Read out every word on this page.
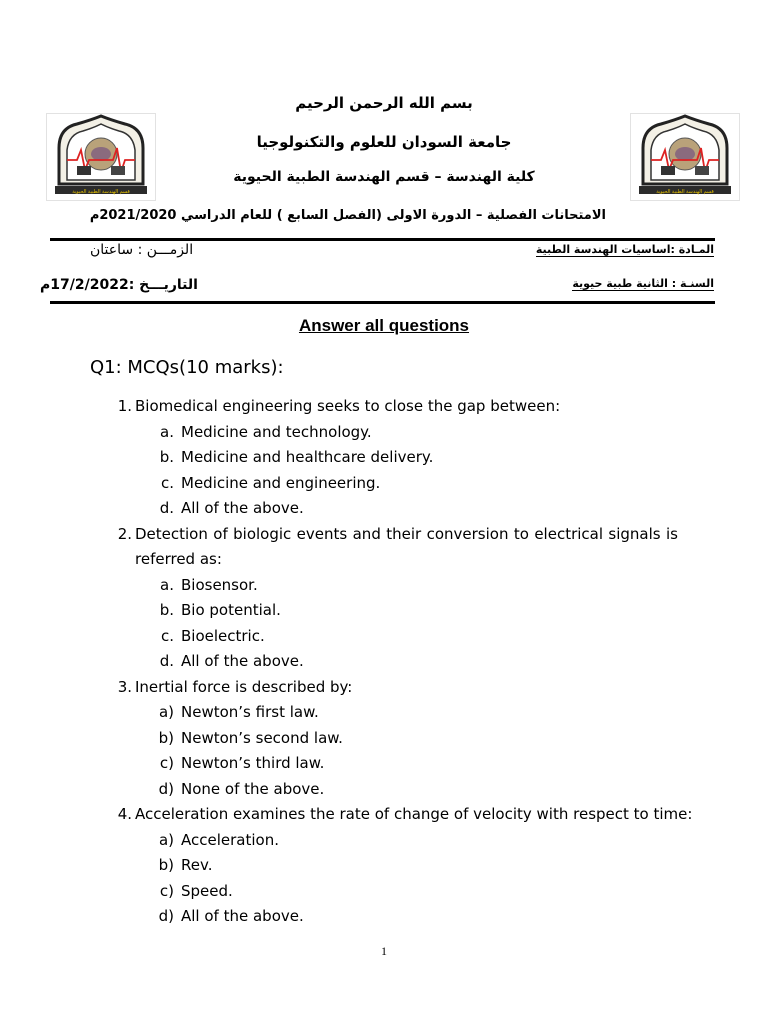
قسم الهندسة الطبية الحيوية	قسم الهندسة الطبية الحيوية
بسم الله الرحمن الرحيم
جامعة السودان للعلوم والتكنولوجيا
كلية الهندسة – قسم الهندسة الطبية الحيوية
الامتحانات الفصلية – الدورة الاولى (الفصل السابع ) للعام الدراسي 2021/2020م
الزمـــن : ساعتان	المـادة :اساسيات الهندسة الطبية
التاريـــخ :17/2/2022م	السنـة : الثانية طبية حيوية
Answer all questions
Q1: MCQs(10 marks):
1. Biomedical engineering seeks to close the gap between:
a. Medicine and technology.
b. Medicine and healthcare delivery.
c. Medicine and engineering.
d. All of the above.
2. Detection of biologic events and their conversion to electrical signals is
referred as:
a. Biosensor.
b. Bio potential.
c. Bioelectric.
d. All of the above.
3. Inertial force is described by:
a) Newton’s first law.
b) Newton’s second law.
c) Newton’s third law.
d) None of the above.
4. Acceleration examines the rate of change of velocity with respect to time:
a) Acceleration.
b) Rev.
c) Speed.
d) All of the above.
1
